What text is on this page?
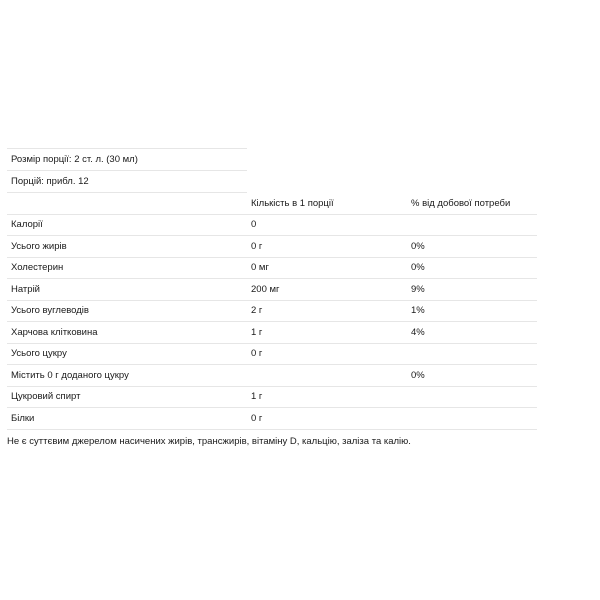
Розмір порції: 2 ст. л. (30 мл)
Порцій: прибл. 12
	Кількість в 1 порції	% від добової потреби
Калорії	0	
Усього жирів	0 г	0%
Холестерин	0 мг	0%
Натрій	200 мг	9%
Усього вуглеводів	2 г	1%
Харчова клітковина	1 г	4%
Усього цукру	0 г	
Містить 0 г доданого цукру		0%
Цукровий спирт	1 г	
Білки	0 г	
Не є суттєвим джерелом насичених жирів, трансжирів, вітаміну D, кальцію, заліза та калію.
